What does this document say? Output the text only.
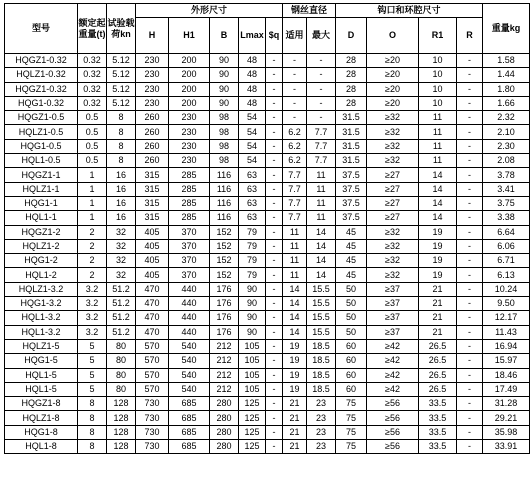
型号	额定起重量(t)	试验载荷kn	外形尺寸					钢丝直径		钩口和环腔尺寸				重量kg
			H	H1	B	Lmax	$q	适用	最大	D	O	R1	R	
HQGZ1-0.32	0.32	5.12	230	200	90	48	-	-	-	28	≥20	10	-	1.58
HQLZ1-0.32	0.32	5.12	230	200	90	48	-	-	-	28	≥20	10	-	1.44
HQGZ1-0.32	0.32	5.12	230	200	90	48	-	-	-	28	≥20	10	-	1.80
HQG1-0.32	0.32	5.12	230	200	90	48	-	-	-	28	≥20	10	-	1.66
HQGZ1-0.5	0.5	8	260	230	98	54	-	-	-	31.5	≥32	11	-	2.32
HQLZ1-0.5	0.5	8	260	230	98	54	-	6.2	7.7	31.5	≥32	11	-	2.10
HQG1-0.5	0.5	8	260	230	98	54	-	6.2	7.7	31.5	≥32	11	-	2.30
HQL1-0.5	0.5	8	260	230	98	54	-	6.2	7.7	31.5	≥32	11	-	2.08
HQGZ1-1	1	16	315	285	116	63	-	7.7	11	37.5	≥27	14	-	3.78
HQLZ1-1	1	16	315	285	116	63	-	7.7	11	37.5	≥27	14	-	3.41
HQG1-1	1	16	315	285	116	63	-	7.7	11	37.5	≥27	14	-	3.75
HQL1-1	1	16	315	285	116	63	-	7.7	11	37.5	≥27	14	-	3.38
HQGZ1-2	2	32	405	370	152	79	-	11	14	45	≥32	19	-	6.64
HQLZ1-2	2	32	405	370	152	79	-	11	14	45	≥32	19	-	6.06
HQG1-2	2	32	405	370	152	79	-	11	14	45	≥32	19	-	6.71
HQL1-2	2	32	405	370	152	79	-	11	14	45	≥32	19	-	6.13
HQLZ1-3.2	3.2	51.2	470	440	176	90	-	14	15.5	50	≥37	21	-	10.24
HQG1-3.2	3.2	51.2	470	440	176	90	-	14	15.5	50	≥37	21	-	9.50
HQL1-3.2	3.2	51.2	470	440	176	90	-	14	15.5	50	≥37	21	-	12.17
HQL1-3.2	3.2	51.2	470	440	176	90	-	14	15.5	50	≥37	21	-	11.43
HQLZ1-5	5	80	570	540	212	105	-	19	18.5	60	≥42	26.5	-	16.94
HQG1-5	5	80	570	540	212	105	-	19	18.5	60	≥42	26.5	-	15.97
HQL1-5	5	80	570	540	212	105	-	19	18.5	60	≥42	26.5	-	18.46
HQL1-5	5	80	570	540	212	105	-	19	18.5	60	≥42	26.5	-	17.49
HQGZ1-8	8	128	730	685	280	125	-	21	23	75	≥56	33.5	-	31.28
HQLZ1-8	8	128	730	685	280	125	-	21	23	75	≥56	33.5	-	29.21
HQG1-8	8	128	730	685	280	125	-	21	23	75	≥56	33.5	-	35.98
HQL1-8	8	128	730	685	280	125	-	21	23	75	≥56	33.5	-	33.91
